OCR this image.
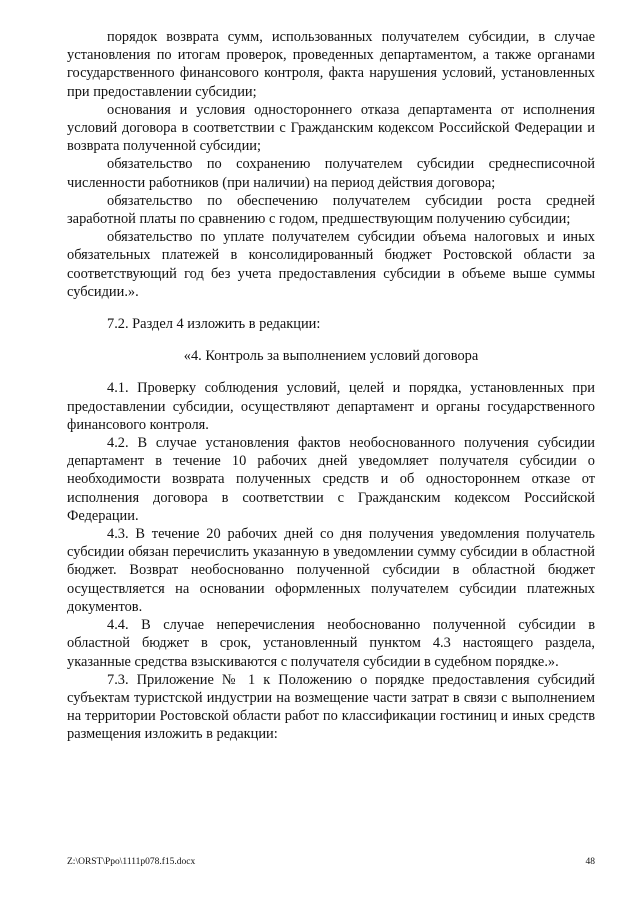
порядок возврата сумм, использованных получателем субсидии, в случае установления по итогам проверок, проведенных департаментом, а также органами государственного финансового контроля, факта нарушения условий, установленных при предоставлении субсидии;

основания и условия одностороннего отказа департамента от исполнения условий договора в соответствии с Гражданским кодексом Российской Федерации и возврата полученной субсидии;

обязательство по сохранению получателем субсидии среднесписочной численности работников (при наличии) на период действия договора;

обязательство по обеспечению получателем субсидии роста средней заработной платы по сравнению с годом, предшествующим получению субсидии;

обязательство по уплате получателем субсидии объема налоговых и иных обязательных платежей в консолидированный бюджет Ростовской области за соответствующий год без учета предоставления субсидии в объеме выше суммы субсидии.».

7.2. Раздел 4 изложить в редакции:

«4. Контроль за выполнением условий договора

4.1. Проверку соблюдения условий, целей и порядка, установленных при предоставлении субсидии, осуществляют департамент и органы государственного финансового контроля.

4.2. В случае установления фактов необоснованного получения субсидии департамент в течение 10 рабочих дней уведомляет получателя субсидии о необходимости возврата полученных средств и об одностороннем отказе от исполнения договора в соответствии с Гражданским кодексом Российской Федерации.

4.3. В течение 20 рабочих дней со дня получения уведомления получатель субсидии обязан перечислить указанную в уведомлении сумму субсидии в областной бюджет. Возврат необоснованно полученной субсидии в областной бюджет осуществляется на основании оформленных получателем субсидии платежных документов.

4.4. В случае неперечисления необоснованно полученной субсидии в областной бюджет в срок, установленный пунктом 4.3 настоящего раздела, указанные средства взыскиваются с получателя субсидии в судебном порядке.».

7.3. Приложение № 1 к Положению о порядке предоставления субсидий субъектам туристской индустрии на возмещение части затрат в связи с выполнением на территории Ростовской области работ по классификации гостиниц и иных средств размещения изложить в редакции:

Z:\ORST\Ppo\1111p078.f15.docx	48
